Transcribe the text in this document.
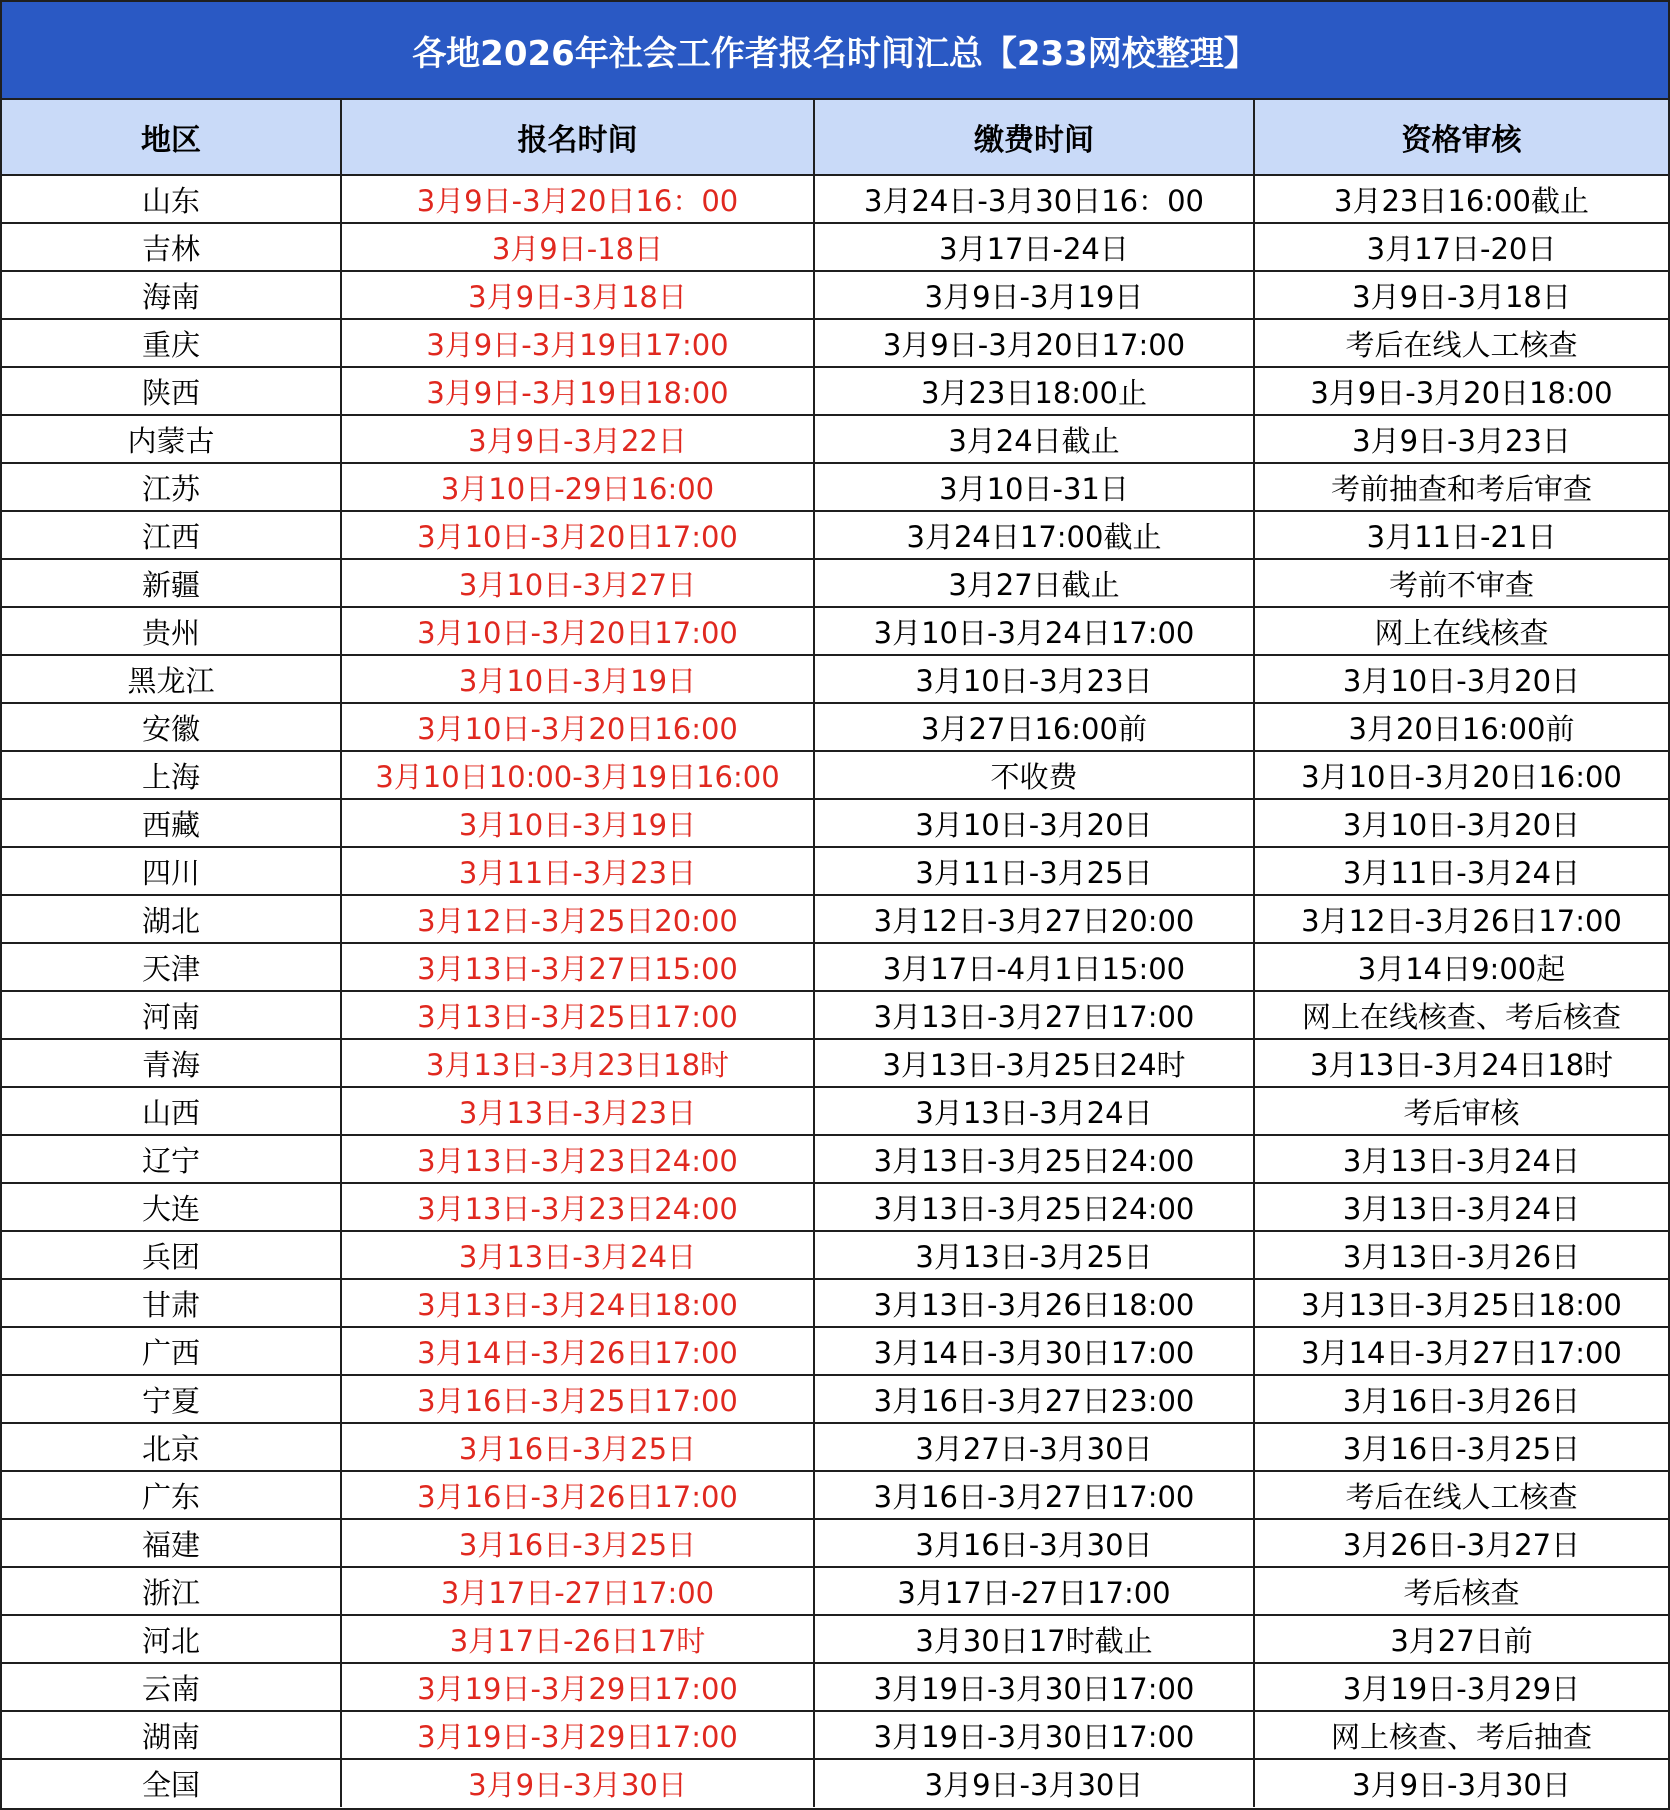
各地2026年社会工作者报名时间汇总【233网校整理】
地区	报名时间	缴费时间	资格审核
山东	3月9日-3月20日16：00	3月24日-3月30日16：00	3月23日16:00截止
吉林	3月9日-18日	3月17日-24日	3月17日-20日
海南	3月9日-3月18日	3月9日-3月19日	3月9日-3月18日
重庆	3月9日-3月19日17:00	3月9日-3月20日17:00	考后在线人工核查
陕西	3月9日-3月19日18:00	3月23日18:00止	3月9日-3月20日18:00
内蒙古	3月9日-3月22日	3月24日截止	3月9日-3月23日
江苏	3月10日-29日16:00	3月10日-31日	考前抽查和考后审查
江西	3月10日-3月20日17:00	3月24日17:00截止	3月11日-21日
新疆	3月10日-3月27日	3月27日截止	考前不审查
贵州	3月10日-3月20日17:00	3月10日-3月24日17:00	网上在线核查
黑龙江	3月10日-3月19日	3月10日-3月23日	3月10日-3月20日
安徽	3月10日-3月20日16:00	3月27日16:00前	3月20日16:00前
上海	3月10日10:00-3月19日16:00	不收费	3月10日-3月20日16:00
西藏	3月10日-3月19日	3月10日-3月20日	3月10日-3月20日
四川	3月11日-3月23日	3月11日-3月25日	3月11日-3月24日
湖北	3月12日-3月25日20:00	3月12日-3月27日20:00	3月12日-3月26日17:00
天津	3月13日-3月27日15:00	3月17日-4月1日15:00	3月14日9:00起
河南	3月13日-3月25日17:00	3月13日-3月27日17:00	网上在线核查、考后核查
青海	3月13日-3月23日18时	3月13日-3月25日24时	3月13日-3月24日18时
山西	3月13日-3月23日	3月13日-3月24日	考后审核
辽宁	3月13日-3月23日24:00	3月13日-3月25日24:00	3月13日-3月24日
大连	3月13日-3月23日24:00	3月13日-3月25日24:00	3月13日-3月24日
兵团	3月13日-3月24日	3月13日-3月25日	3月13日-3月26日
甘肃	3月13日-3月24日18:00	3月13日-3月26日18:00	3月13日-3月25日18:00
广西	3月14日-3月26日17:00	3月14日-3月30日17:00	3月14日-3月27日17:00
宁夏	3月16日-3月25日17:00	3月16日-3月27日23:00	3月16日-3月26日
北京	3月16日-3月25日	3月27日-3月30日	3月16日-3月25日
广东	3月16日-3月26日17:00	3月16日-3月27日17:00	考后在线人工核查
福建	3月16日-3月25日	3月16日-3月30日	3月26日-3月27日
浙江	3月17日-27日17:00	3月17日-27日17:00	考后核查
河北	3月17日-26日17时	3月30日17时截止	3月27日前
云南	3月19日-3月29日17:00	3月19日-3月30日17:00	3月19日-3月29日
湖南	3月19日-3月29日17:00	3月19日-3月30日17:00	网上核查、考后抽查
全国	3月9日-3月30日	3月9日-3月30日	3月9日-3月30日
